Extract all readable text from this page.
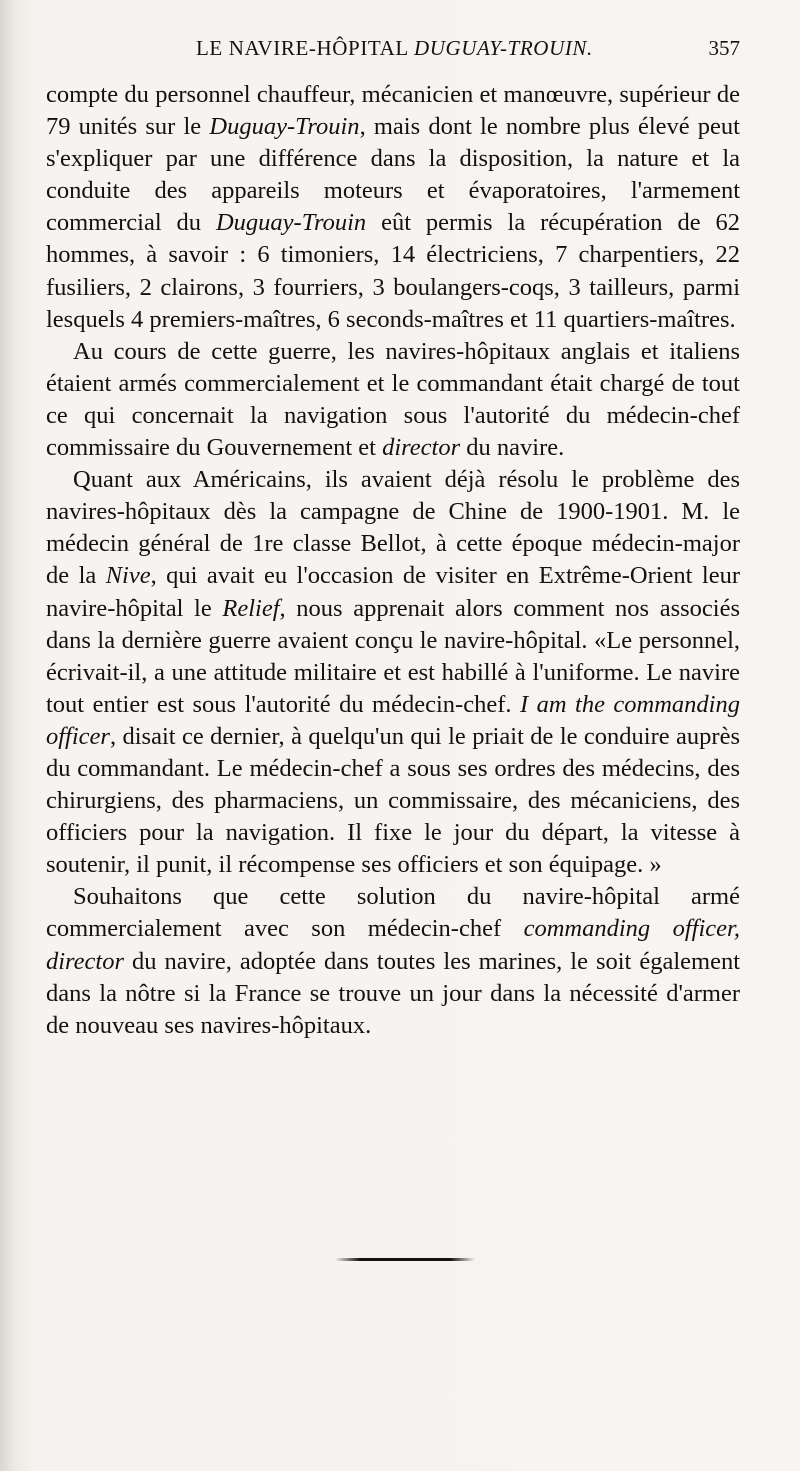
LE NAVIRE-HÔPITAL DUGUAY-TROUIN.	357

compte du personnel chauffeur, mécanicien et manœuvre, supérieur de 79 unités sur le Duguay-Trouin, mais dont le nombre plus élevé peut s'expliquer par une différence dans la disposition, la nature et la conduite des appareils moteurs et évaporatoires, l'armement commercial du Duguay-Trouin eût permis la récupération de 62 hommes, à savoir : 6 timoniers, 14 électriciens, 7 charpentiers, 22 fusiliers, 2 clairons, 3 fourriers, 3 boulangers-coqs, 3 tailleurs, parmi lesquels 4 premiers-maîtres, 6 seconds-maîtres et 11 quartiers-maîtres.

Au cours de cette guerre, les navires-hôpitaux anglais et italiens étaient armés commercialement et le commandant était chargé de tout ce qui concernait la navigation sous l'autorité du médecin-chef commissaire du Gouvernement et director du navire.

Quant aux Américains, ils avaient déjà résolu le problème des navires-hôpitaux dès la campagne de Chine de 1900-1901. M. le médecin général de 1re classe Bellot, à cette époque médecin-major de la Nive, qui avait eu l'occasion de visiter en Extrême-Orient leur navire-hôpital le Relief, nous apprenait alors comment nos associés dans la dernière guerre avaient conçu le navire-hôpital. «Le personnel, écrivait-il, a une attitude militaire et est habillé à l'uniforme. Le navire tout entier est sous l'autorité du médecin-chef. I am the commanding officer, disait ce dernier, à quelqu'un qui le priait de le conduire auprès du commandant. Le médecin-chef a sous ses ordres des médecins, des chirurgiens, des pharmaciens, un commissaire, des mécaniciens, des officiers pour la navigation. Il fixe le jour du départ, la vitesse à soutenir, il punit, il récompense ses officiers et son équipage. »

Souhaitons que cette solution du navire-hôpital armé commercialement avec son médecin-chef commanding officer, director du navire, adoptée dans toutes les marines, le soit également dans la nôtre si la France se trouve un jour dans la nécessité d'armer de nouveau ses navires-hôpitaux.
